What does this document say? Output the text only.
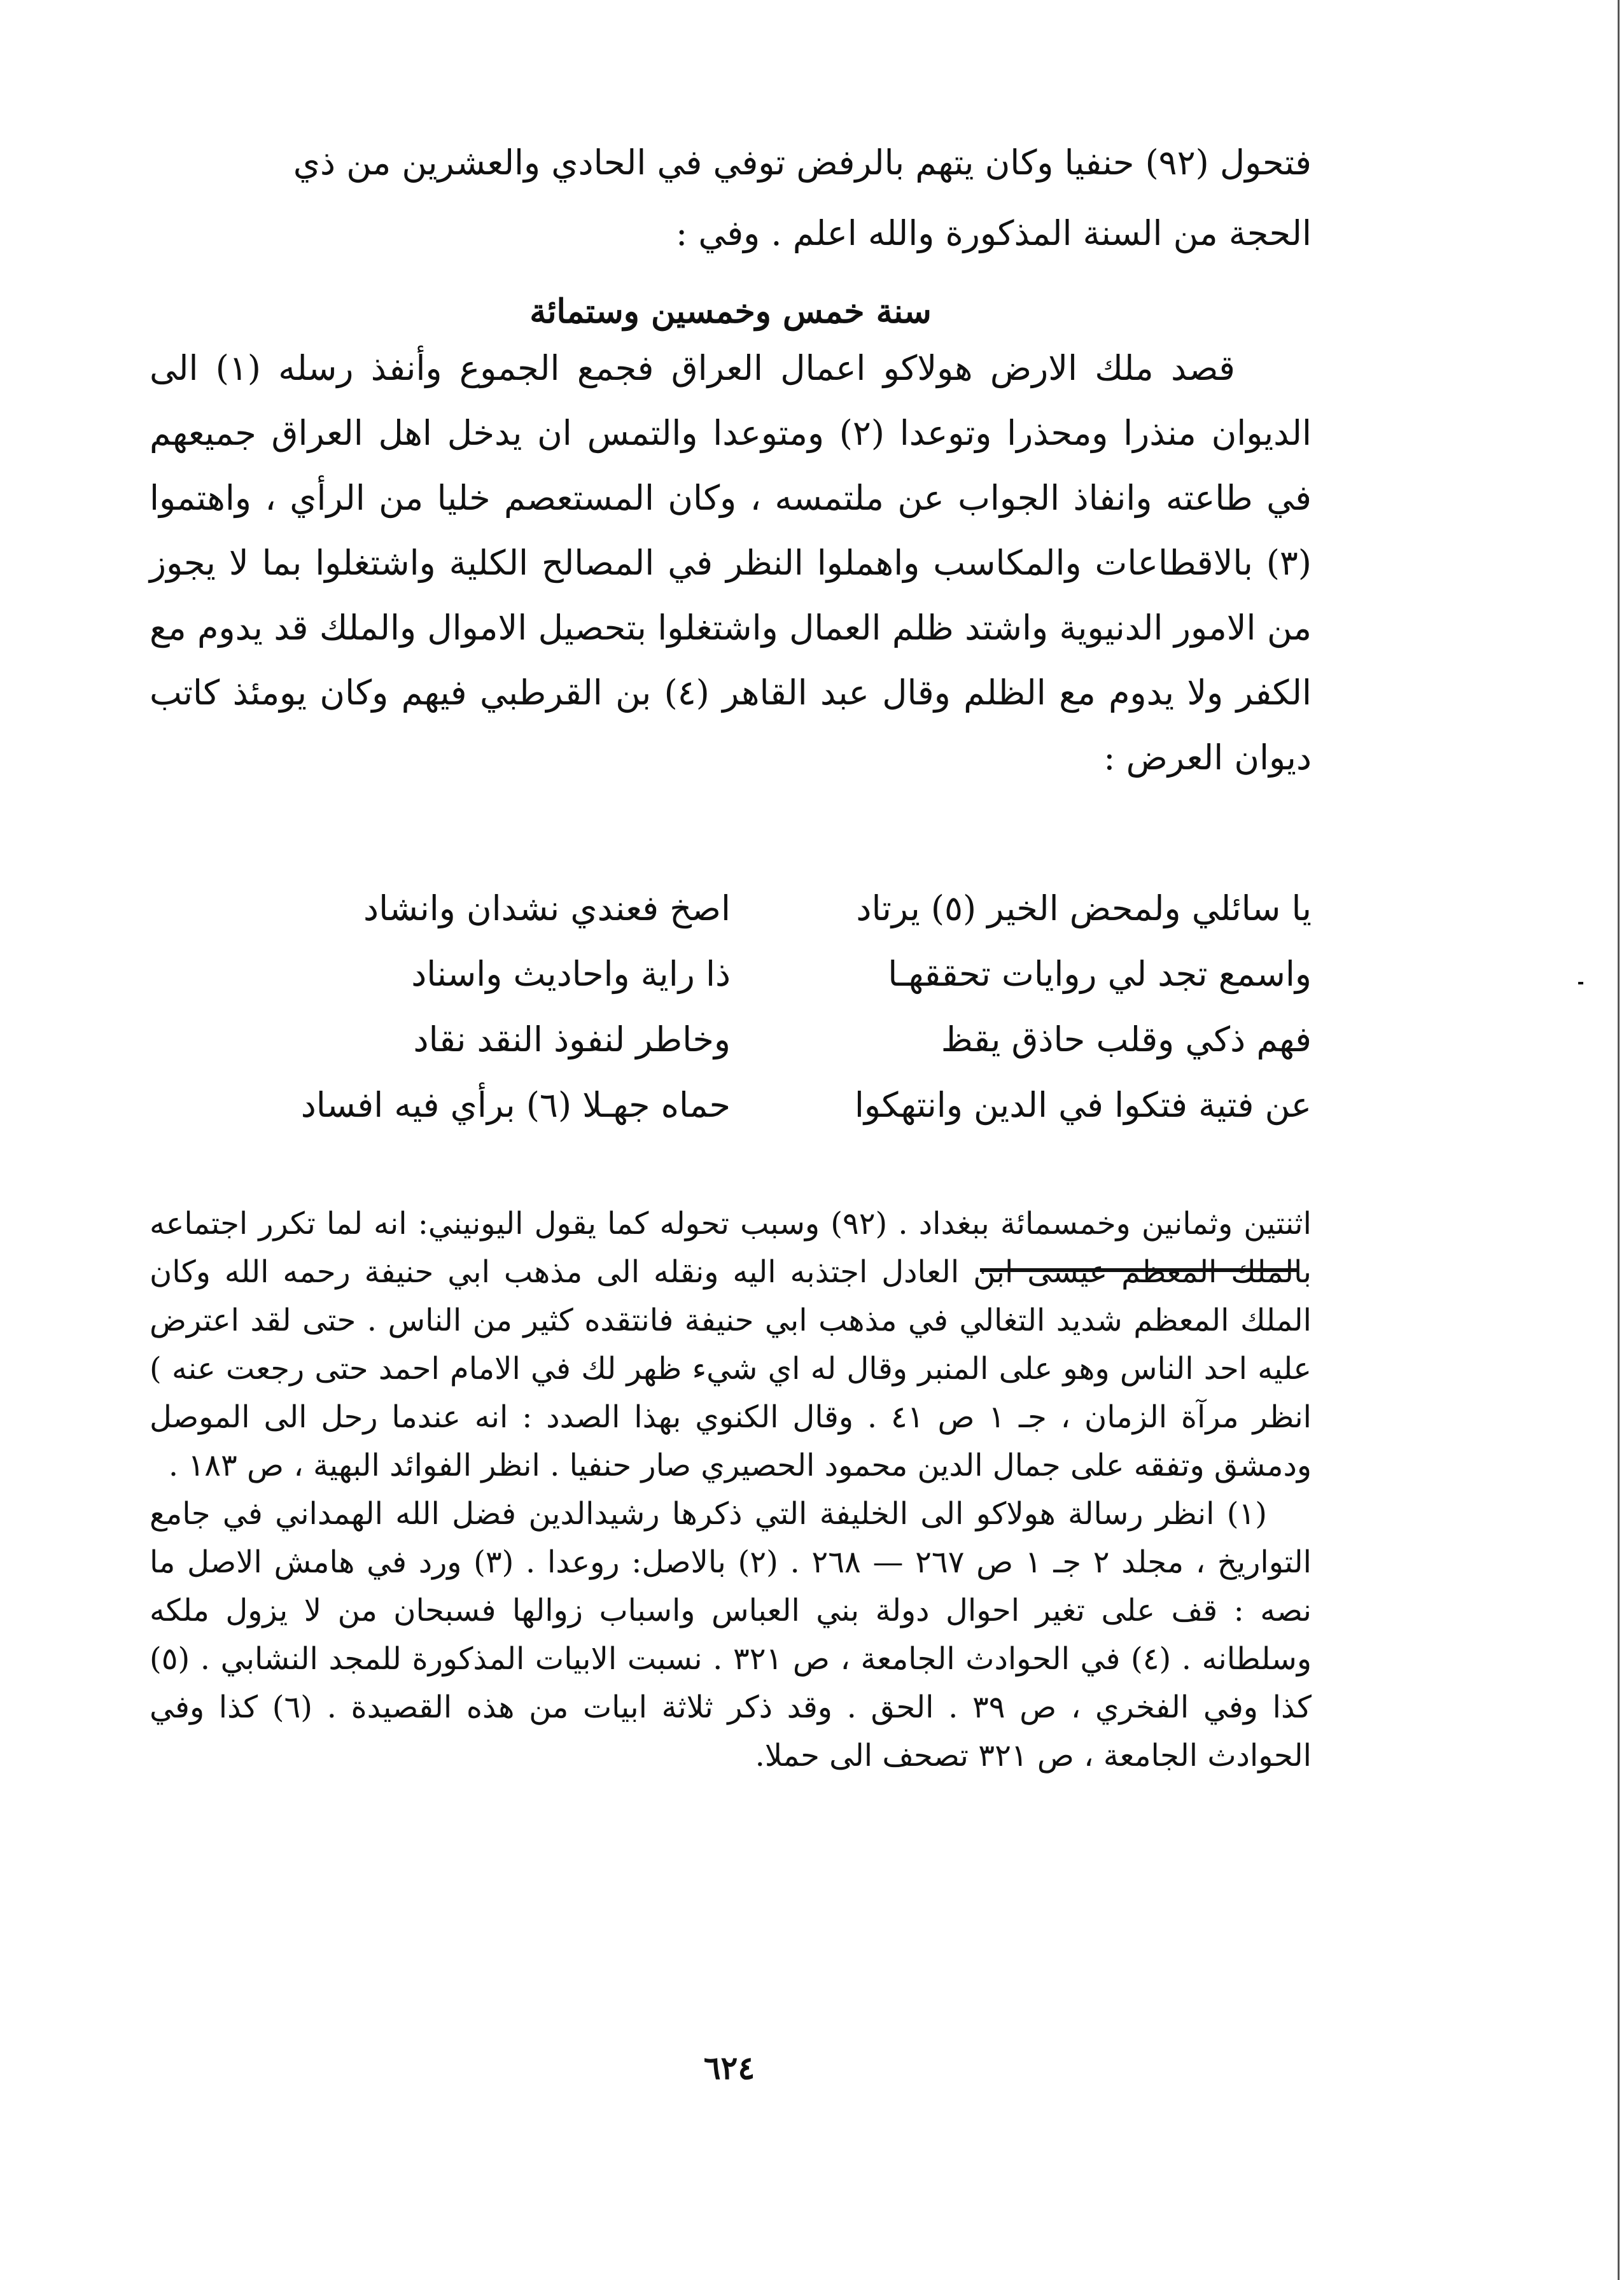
فتحول (٩٢) حنفيا وكان يتهم بالرفض توفي في الحادي والعشرين من ذي
الحجة من السنة المذكورة والله اعلم . وفي :
سنة خمس وخمسين وستمائة
قصد ملك الارض هولاكو اعمال العراق فجمع الجموع وأنفذ رسله (١) الى الديوان منذرا ومحذرا وتوعدا (٢) ومتوعدا والتمس ان يدخل اهل العراق جميعهم في طاعته وانفاذ الجواب عن ملتمسه ، وكان المستعصم خليا من الرأي ، واهتموا (٣) بالاقطاعات والمكاسب واهملوا النظر في المصالح الكلية واشتغلوا بما لا يجوز من الامور الدنيوية واشتد ظلم العمال واشتغلوا بتحصيل الاموال والملك قد يدوم مع الكفر ولا يدوم مع الظلم وقال عبد القاهر (٤) بن القرطبي فيهم وكان يومئذ كاتب ديوان العرض :
يا سائلي ولمحض الخير (٥) يرتاد
اصخ فعندي نشدان وانشاد
واسمع تجد لي روايات تحققهـا
ذا راية واحاديث واسناد
فهم ذكي وقلب حاذق يقظ
وخاطر لنفوذ النقد نقاد
عن فتية فتكوا في الدين وانتهكوا
حماه جهـلا (٦) برأي فيه افساد

اثنتين وثمانين وخمسمائة ببغداد . (٩٢) وسبب تحوله كما يقول اليونيني: انه لما تكرر اجتماعه بالملك المعظم عيسى ابن العادل اجتذبه اليه ونقله الى مذهب ابي حنيفة رحمه الله وكان الملك المعظم شديد التغالي في مذهب ابي حنيفة فانتقده كثير من الناس . حتى لقد اعترض عليه احد الناس وهو على المنبر وقال له اي شيء ظهر لك في الامام احمد حتى رجعت عنه ) انظر مرآة الزمان ، جـ ١ ص ٤١ . وقال الكنوي بهذا الصدد : انه عندما رحل الى الموصل ودمشق وتفقه على جمال الدين محمود الحصيري صار حنفيا . انظر الفوائد البهية ، ص ١٨٣ .

(١) انظر رسالة هولاكو الى الخليفة التي ذكرها رشيدالدين فضل الله الهمداني في جامع التواريخ ، مجلد ٢ جـ ١ ص ٢٦٧ — ٢٦٨ . (٢) بالاصل: روعدا . (٣) ورد في هامش الاصل ما نصه : قف على تغير احوال دولة بني العباس واسباب زوالها فسبحان من لا يزول ملكه وسلطانه . (٤) في الحوادث الجامعة ، ص ٣٢١ . نسبت الابيات المذكورة للمجد النشابي . (٥) كذا وفي الفخري ، ص ٣٩ . الحق . وقد ذكر ثلاثة ابيات من هذه القصيدة . (٦) كذا وفي الحوادث الجامعة ، ص ٣٢١ تصحف الى حملا.

٦٢٤
